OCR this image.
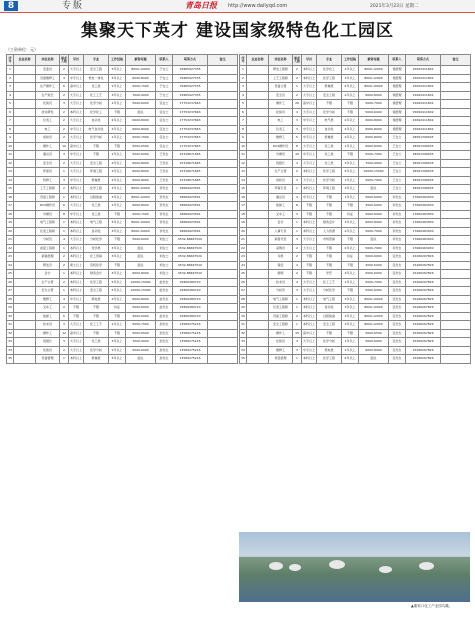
8	专版	青岛日报 http://www.dailyqd.com	2021年3月23日 星期二
集聚天下英才 建设国家级特色化工园区
（工资单位：元）
序号	企业名称	岗位名称	需求人数	学历	专业	工作经验	薪资待遇	联系人	联系方式	备注
1		安监员	2	大专以上	安全工程	3年以上	8000-10000	于女士	15865927335	
2		设备维修工	4	中专以上	机电一体化	3年以上	6000-8000	于女士	15865927335	
3		生产操作工	6	高中以上	化工类	1年以上	5000-7000	于女士	15865927335	
4		生产班长	2	大专以上	化工工艺	3年以上	7000-9000	于女士	15865927335	
5		化验员	3	大专以上	化学分析	1年以上	5000-6000	张女士	17753237663	
6		技术研发	2	本科以上	化学化工	不限	面议	张女士	17753237663	
7		仪表工	2	大专以上	自动化	2年以上	6000-8000	张女士	17753237663	
8		电工	2	中专以上	电气自动化	2年以上	6000-8000	张女士	17753237663	
9		质检员	2	大专以上	化学分析	1年以上	5000-7000	张女士	17753237663	
10		操作工	10	高中以上	不限	不限	5000-6500	张女士	17753237663	
11		储运员	3	中专以上	不限	1年以上	5000-6000	王先生	15318671665	
12		安全员	2	大专以上	安全工程	2年以上	6000-8000	王先生	15318671665	
13		环保员	1	大专以上	环境工程	2年以上	6000-8000	王先生	15318671665	
14		机修工	3	中专以上	机械类	2年以上	6000-8000	王先生	15318671665	
15		工艺工程师	2	本科以上	化学工程	3年以上	8000-12000	李先生	18669923591	
16		设备工程师	1	本科以上	过程装备	3年以上	8000-12000	李先生	18669923591	
17		DCS操作员	6	大专以上	化工类	1年以上	6000-8000	李先生	18669923591	
18		外操员	8	中专以上	化工类	不限	5000-7000	李先生	18669923591	
19		电气工程师	1	本科以上	电气工程	3年以上	8000-10000	李先生	18669923591	
20		仪表工程师	1	本科以上	自动化	3年以上	8000-10000	李先生	18669923591	
21		分析员	4	大专以上	分析化学	不限	5000-6000	刘女士	0532-86667520	
22		质量工程师	1	本科以上	化学类	3年以上	面议	刘女士	0532-86667520	
23		销售经理	2	本科以上	化工营销	3年以上	面议	刘女士	0532-86667520	
24		研发员	2	硕士以上	有机化学	不限	面议	刘女士	0532-86667520	
25		会计	1	本科以上	财务会计	3年以上	6000-8000	刘女士	0532-86667520	
26		生产主管	2	本科以上	化学工程	5年以上	10000-15000	赵先生	15806489720	
27		安全主管	1	本科以上	安全工程	5年以上	10000-15000	赵先生	15806489720	
28		维修工	4	中专以上	机电类	2年以上	6000-8000	赵先生	15806489720	
29		叉车工	2	不限	不限	持证	5000-6000	赵先生	15806489720	
30		装卸工	6	不限	不限	不限	4500-6000	赵先生	15806489720	
31		技术员	3	大专以上	化工工艺	1年以上	5000-7000	孙先生	13589275216	
32		操作工	12	高中以上	不限	不限	5000-6500	孙先生	13589275216	
33		班组长	3	大专以上	化工类	3年以上	7000-9000	孙先生	13589275216	
34		化验员	2	大专以上	化学分析	1年以上	5000-6000	孙先生	13589275216	
35		设备管理	1	本科以上	机械类	3年以上	面议	孙先生	13589275216	
序号	企业名称	岗位名称	需求人数	学历	专业	工作经验	薪资待遇	联系人	联系方式	备注
1		研发工程师	2	本科以上	化学化工	2年以上	8000-12000	徐经理	15692411802	
2		工艺工程师	2	本科以上	化学工程	3年以上	8000-12000	徐经理	15692411802	
3		设备主管	1	大专以上	机械类	5年以上	8000-10000	徐经理	15692411802	
4		安全员	2	大专以上	安全工程	2年以上	6000-8000	徐经理	15692411802	
5		操作工	20	高中以上	不限	不限	5000-7000	徐经理	15692411802	
6		化验员	4	大专以上	化学分析	不限	5000-6000	徐经理	15692411802	
7		电工	3	中专以上	电气类	2年以上	6000-8000	徐经理	15692411802	
8		仪表工	3	中专以上	自动化	2年以上	6000-8000	徐经理	15692411802	
9		维修工	5	中专以上	机械类	2年以上	6000-8000	王女士	18561399035	
10		DCS操作员	8	大专以上	化工类	1年以上	6000-8000	王女士	18561399035	
11		外操员	10	中专以上	化工类	不限	5000-7000	王女士	18561399035	
12		班组长	4	大专以上	化工类	3年以上	7000-9000	王女士	18561399035	
13		生产主管	2	本科以上	化学工程	5年以上	10000-15000	王女士	18561399035	
14		质检员	3	大专以上	化学分析	1年以上	5000-7000	王女士	18561399035	
15		环保专员	1	本科以上	环境工程	3年以上	面议	王女士	18561399035	
16		储运员	4	中专以上	不限	1年以上	5000-6000	李先生	17660463930	
17		装卸工	8	不限	不限	不限	4500-6000	李先生	17660463930	
18		叉车工	3	不限	不限	持证	5000-6000	李先生	17660463930	
19		会计	1	本科以上	财务会计	3年以上	6000-8000	李先生	17660463930	
20		人事专员	1	本科以上	人力资源	2年以上	5000-7000	李先生	17660463930	
21		销售代表	3	大专以上	市场营销	不限	面议	李先生	17660463930	
22		采购员	2	大专以上	不限	2年以上	5000-7000	李先生	17660463930	
23		司机	2	不限	不限	持证	5000-6000	张先生	15266267826	
24		保安	4	不限	不限	不限	4000-5000	张先生	15266267826	
25		厨师	2	不限	烹饪	3年以上	5000-6000	张先生	15266267826	
26		技术员	4	大专以上	化工工艺	1年以上	5000-7000	张先生	15266267826	
27		分析员	3	大专以上	分析化学	不限	5000-6000	张先生	15266267826	
28		电气工程师	1	本科以上	电气工程	3年以上	8000-10000	张先生	15266267826	
29		仪表工程师	1	本科以上	自动化	3年以上	8000-10000	张先生	15266267826	
30		设备工程师	2	本科以上	过程装备	3年以上	8000-12000	张先生	15266267826	
31		安全工程师	1	本科以上	安全工程	3年以上	8000-12000	张先生	15266267826	
32		操作工	15	高中以上	不限	不限	5000-6500	张先生	15266267826	
33		化验员	3	大专以上	化学分析	1年以上	5000-6000	张先生	15266267826	
34		维修工	3	中专以上	机电类	2年以上	6000-8000	张先生	15266267826	
35		项目经理	1	本科以上	化学工程	5年以上	面议	张先生	15266267826	
▲董家口化工产业园鸟瞰。
